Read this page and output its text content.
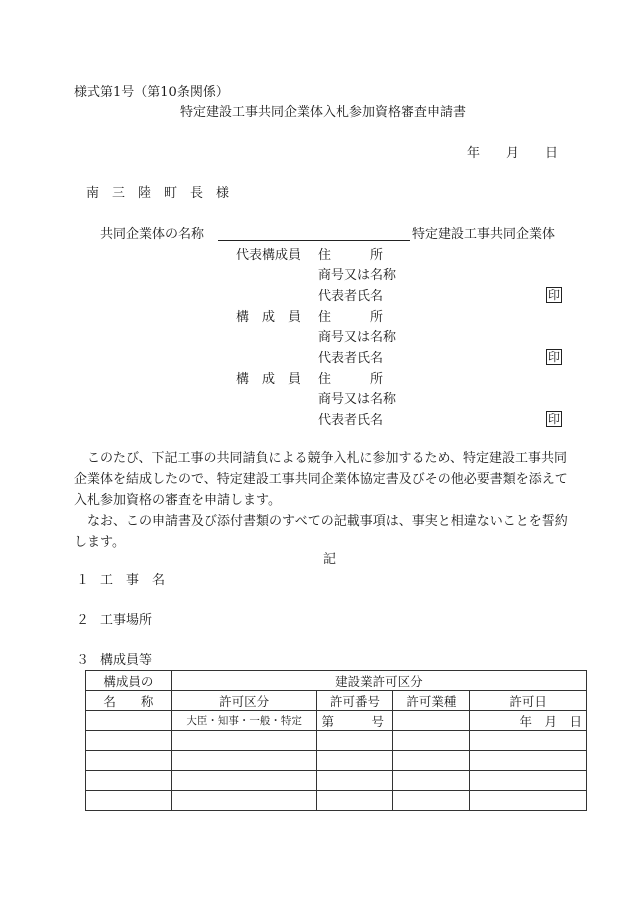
様式第1号（第10条関係）
特定建設工事共同企業体入札参加資格審査申請書
年　　月　　日
南　三　陸　町　長　様
共同企業体の名称	特定建設工事共同企業体
代表構成員 住　　　所
商号又は名称
代表者氏名	印
構　成　員 住　　　所
商号又は名称
代表者氏名	印
構　成　員 住　　　所
商号又は名称
代表者氏名	印
　このたび、下記工事の共同請負による競争入札に参加するため、特定建設工事共同企業体を結成したので、特定建設工事共同企業体協定書及びその他必要書類を添えて入札参加資格の審査を申請します。
　なお、この申請書及び添付書類のすべての記載事項は、事実と相違ないことを誓約します。
記
１ 工　事　名
２ 工事場所
３ 構成員等
構成員の	建設業許可区分			
名　　称	許可区分	許可番号	許可業種	許可日
	大臣・知事・一般・特定	第　　　号		年　月　日
